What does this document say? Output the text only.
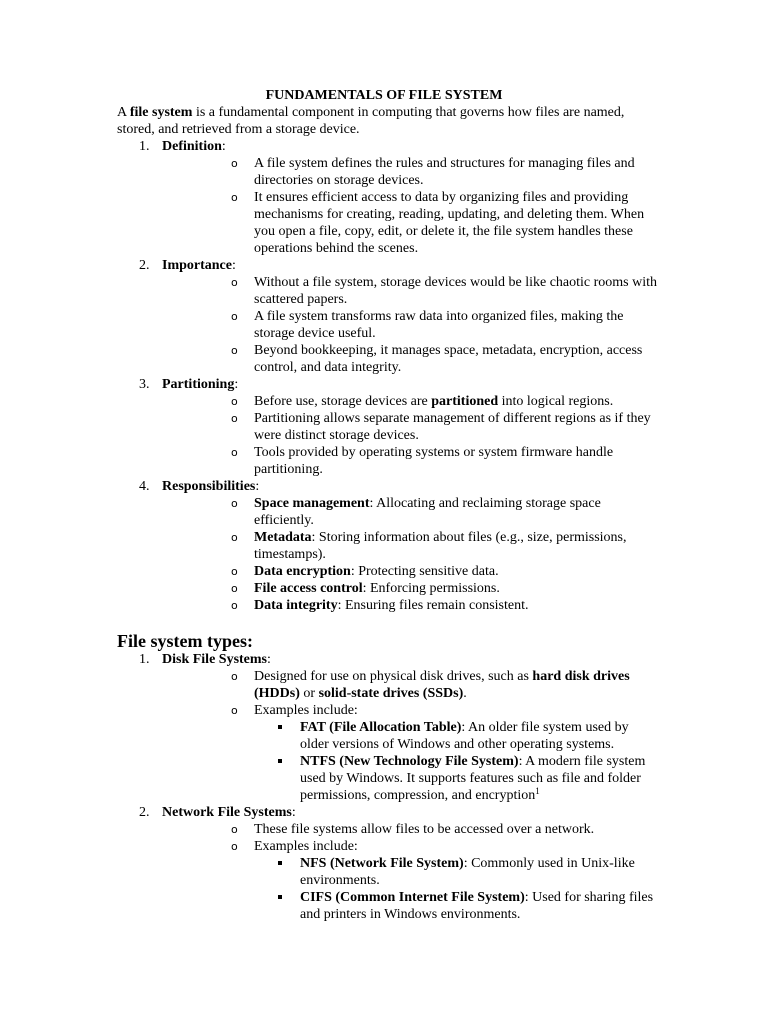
FUNDAMENTALS OF FILE SYSTEM
A file system is a fundamental component in computing that governs how files are named, stored, and retrieved from a storage device.
1. Definition:
o A file system defines the rules and structures for managing files and directories on storage devices.
o It ensures efficient access to data by organizing files and providing mechanisms for creating, reading, updating, and deleting them. When you open a file, copy, edit, or delete it, the file system handles these operations behind the scenes.
2. Importance:
o Without a file system, storage devices would be like chaotic rooms with scattered papers.
o A file system transforms raw data into organized files, making the storage device useful.
o Beyond bookkeeping, it manages space, metadata, encryption, access control, and data integrity.
3. Partitioning:
o Before use, storage devices are partitioned into logical regions.
o Partitioning allows separate management of different regions as if they were distinct storage devices.
o Tools provided by operating systems or system firmware handle partitioning.
4. Responsibilities:
o Space management: Allocating and reclaiming storage space efficiently.
o Metadata: Storing information about files (e.g., size, permissions, timestamps).
o Data encryption: Protecting sensitive data.
o File access control: Enforcing permissions.
o Data integrity: Ensuring files remain consistent.
File system types:
1. Disk File Systems:
o Designed for use on physical disk drives, such as hard disk drives (HDDs) or solid-state drives (SSDs).
o Examples include:
FAT (File Allocation Table): An older file system used by older versions of Windows and other operating systems.
NTFS (New Technology File System): A modern file system used by Windows. It supports features such as file and folder permissions, compression, and encryption$^1$
2. Network File Systems:
o These file systems allow files to be accessed over a network.
o Examples include:
NFS (Network File System): Commonly used in Unix-like environments.
CIFS (Common Internet File System): Used for sharing files and printers in Windows environments.
